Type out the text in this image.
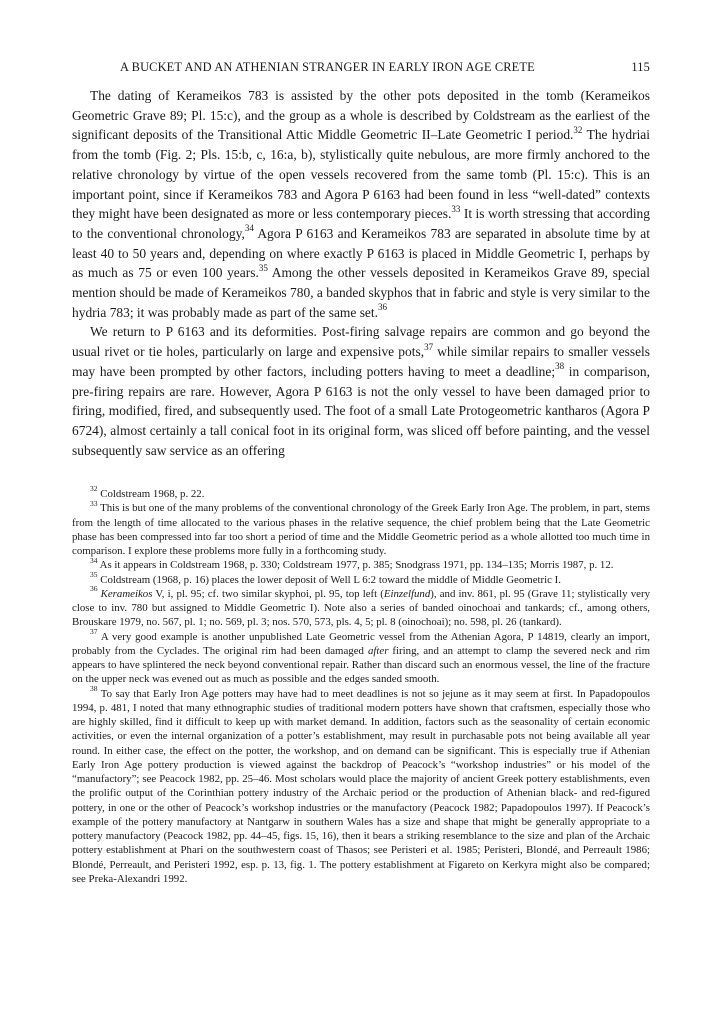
A BUCKET AND AN ATHENIAN STRANGER IN EARLY IRON AGE CRETE	115

The dating of Kerameikos 783 is assisted by the other pots deposited in the tomb (Kerameikos Geometric Grave 89; Pl. 15:c), and the group as a whole is described by Coldstream as the earliest of the significant deposits of the Transitional Attic Middle Geometric II–Late Geometric I period.$^{32}$ The hydriai from the tomb (Fig. 2; Pls. 15:b, c, 16:a, b), stylistically quite nebulous, are more firmly anchored to the relative chronology by virtue of the open vessels recovered from the same tomb (Pl. 15:c). This is an important point, since if Kerameikos 783 and Agora P 6163 had been found in less “well-dated” contexts they might have been designated as more or less contemporary pieces.$^{33}$ It is worth stressing that according to the conventional chronology,$^{34}$ Agora P 6163 and Kerameikos 783 are separated in absolute time by at least 40 to 50 years and, depending on where exactly P 6163 is placed in Middle Geometric I, perhaps by as much as 75 or even 100 years.$^{35}$ Among the other vessels deposited in Kerameikos Grave 89, special mention should be made of Kerameikos 780, a banded skyphos that in fabric and style is very similar to the hydria 783; it was probably made as part of the same set.$^{36}$

We return to P 6163 and its deformities. Post-firing salvage repairs are common and go beyond the usual rivet or tie holes, particularly on large and expensive pots,$^{37}$ while similar repairs to smaller vessels may have been prompted by other factors, including potters having to meet a deadline;$^{38}$ in comparison, pre-firing repairs are rare. However, Agora P 6163 is not the only vessel to have been damaged prior to firing, modified, fired, and subsequently used. The foot of a small Late Protogeometric kantharos (Agora P 6724), almost certainly a tall conical foot in its original form, was sliced off before painting, and the vessel subsequently saw service as an offering

$^{32}$ Coldstream 1968, p. 22.

$^{33}$ This is but one of the many problems of the conventional chronology of the Greek Early Iron Age. The problem, in part, stems from the length of time allocated to the various phases in the relative sequence, the chief problem being that the Late Geometric phase has been compressed into far too short a period of time and the Middle Geometric period as a whole allotted too much time in comparison. I explore these problems more fully in a forthcoming study.

$^{34}$ As it appears in Coldstream 1968, p. 330; Coldstream 1977, p. 385; Snodgrass 1971, pp. 134–135; Morris 1987, p. 12.

$^{35}$ Coldstream (1968, p. 16) places the lower deposit of Well L 6:2 toward the middle of Middle Geometric I.

$^{36}$ Kerameikos V, i, pl. 95; cf. two similar skyphoi, pl. 95, top left (Einzelfund), and inv. 861, pl. 95 (Grave 11; stylistically very close to inv. 780 but assigned to Middle Geometric I). Note also a series of banded oinochoai and tankards; cf., among others, Brouskare 1979, no. 567, pl. 1; no. 569, pl. 3; nos. 570, 573, pls. 4, 5; pl. 8 (oinochoai); no. 598, pl. 26 (tankard).

$^{37}$ A very good example is another unpublished Late Geometric vessel from the Athenian Agora, P 14819, clearly an import, probably from the Cyclades. The original rim had been damaged after firing, and an attempt to clamp the severed neck and rim appears to have splintered the neck beyond conventional repair. Rather than discard such an enormous vessel, the line of the fracture on the upper neck was evened out as much as possible and the edges sanded smooth.

$^{38}$ To say that Early Iron Age potters may have had to meet deadlines is not so jejune as it may seem at first. In Papadopoulos 1994, p. 481, I noted that many ethnographic studies of traditional modern potters have shown that craftsmen, especially those who are highly skilled, find it difficult to keep up with market demand. In addition, factors such as the seasonality of certain economic activities, or even the internal organization of a potter’s establishment, may result in purchasable pots not being available all year round. In either case, the effect on the potter, the workshop, and on demand can be significant. This is especially true if Athenian Early Iron Age pottery production is viewed against the backdrop of Peacock’s “workshop industries” or his model of the “manufactory”; see Peacock 1982, pp. 25–46. Most scholars would place the majority of ancient Greek pottery establishments, even the prolific output of the Corinthian pottery industry of the Archaic period or the production of Athenian black- and red-figured pottery, in one or the other of Peacock’s workshop industries or the manufactory (Peacock 1982; Papadopoulos 1997). If Peacock’s example of the pottery manufactory at Nantgarw in southern Wales has a size and shape that might be generally appropriate to a pottery manufactory (Peacock 1982, pp. 44–45, figs. 15, 16), then it bears a striking resemblance to the size and plan of the Archaic pottery establishment at Phari on the southwestern coast of Thasos; see Peristeri et al. 1985; Peristeri, Blondé, and Perreault 1986; Blondé, Perreault, and Peristeri 1992, esp. p. 13, fig. 1. The pottery establishment at Figareto on Kerkyra might also be compared; see Preka-Alexandri 1992.
